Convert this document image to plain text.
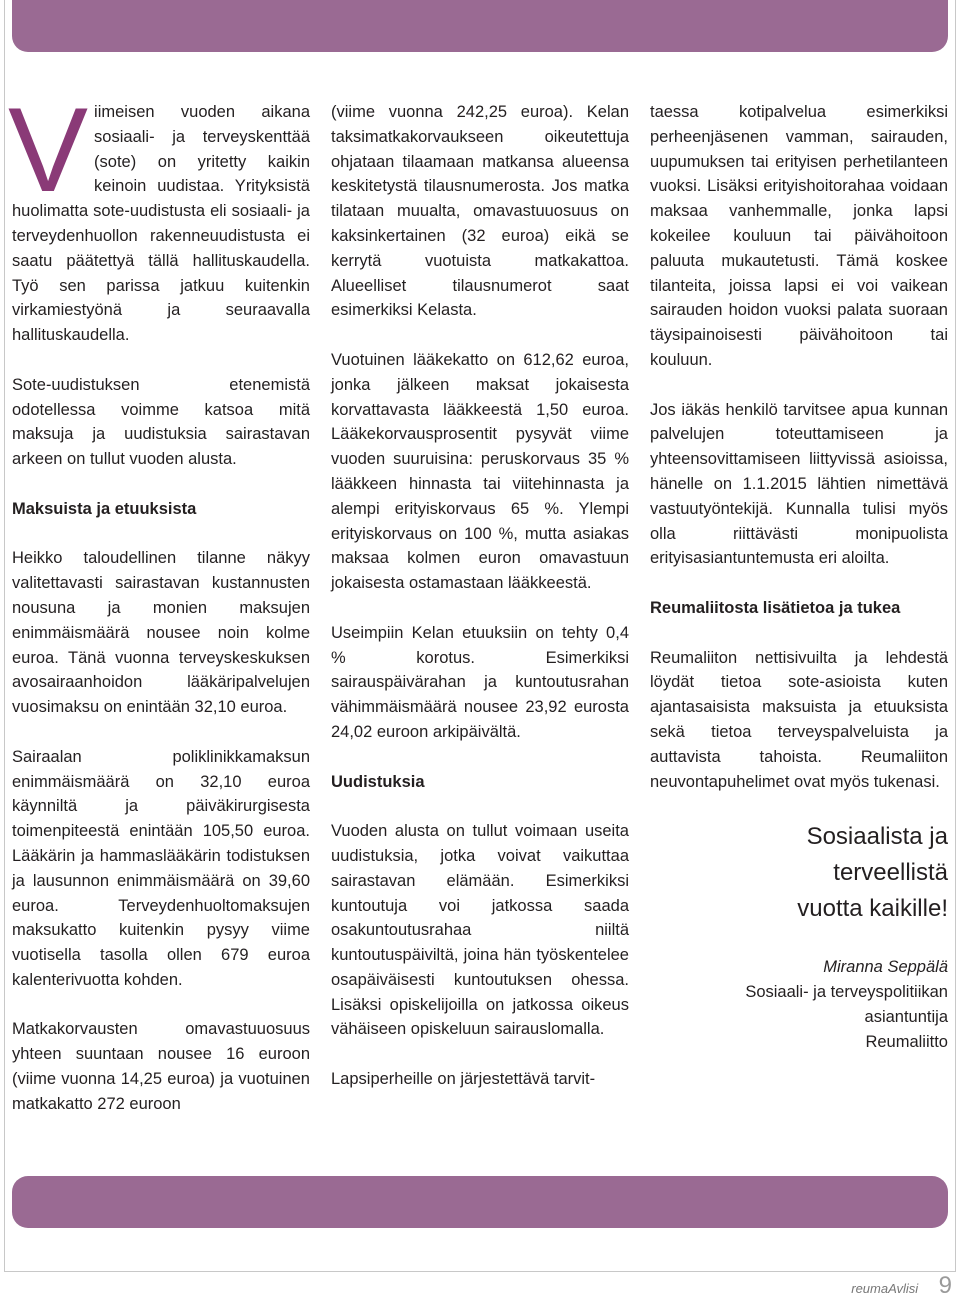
Viimeisen vuoden aikana sosiaali- ja terveyskenttää (sote) on yritetty kaikin keinoin uudistaa. Yrityksistä huolimatta sote-uudistusta eli sosiaali- ja terveydenhuollon rakenneuudistusta ei saatu päätettyä tällä hallituskaudella. Työ sen parissa jatkuu kuitenkin virkamiestyönä ja seuraavalla hallituskaudella.

Sote-uudistuksen etenemistä odotellessa voimme katsoa mitä maksuja ja uudistuksia sairastavan arkeen on tullut vuoden alusta.

Maksuista ja etuuksista

Heikko taloudellinen tilanne näkyy valitettavasti sairastavan kustannusten nousuna ja monien maksujen enimmäismäärä nousee noin kolme euroa. Tänä vuonna terveyskeskuksen avosairaanhoidon lääkäripalvelujen vuosimaksu on enintään 32,10 euroa.

Sairaalan poliklinikkamaksun enimmäismäärä on 32,10 euroa käynniltä ja päiväkirurgisesta toimenpiteestä enintään 105,50 euroa. Lääkärin ja hammaslääkärin todistuksen ja lausunnon enimmäismäärä on 39,60 euroa. Terveydenhuoltomaksujen maksukatto kuitenkin pysyy viime vuotisella tasolla ollen 679 euroa kalenterivuotta kohden.

Matkakorvausten omavastuuosuus yhteen suuntaan nousee 16 euroon (viime vuonna 14,25 euroa) ja vuotuinen matkakatto 272 euroon

(viime vuonna 242,25 euroa). Kelan taksimatkakorvaukseen oikeutettuja ohjataan tilaamaan matkansa alueensa keskitetystä tilausnumerosta. Jos matka tilataan muualta, omavastuuosuus on kaksinkertainen (32 euroa) eikä se kerrytä vuotuista matkakattoa. Alueelliset tilausnumerot saat esimerkiksi Kelasta.

Vuotuinen lääkekatto on 612,62 euroa, jonka jälkeen maksat jokaisesta korvattavasta lääkkeestä 1,50 euroa. Lääkekorvausprosentit pysyvät viime vuoden suuruisina: peruskorvaus 35 % lääkkeen hinnasta tai viitehinnasta ja alempi erityiskorvaus 65 %. Ylempi erityiskorvaus on 100 %, mutta asiakas maksaa kolmen euron omavastuun jokaisesta ostamastaan lääkkeestä.

Useimpiin Kelan etuuksiin on tehty 0,4 % korotus. Esimerkiksi sairauspäivärahan ja kuntoutusrahan vähimmäismäärä nousee 23,92 eurosta 24,02 euroon arkipäivältä.

Uudistuksia

Vuoden alusta on tullut voimaan useita uudistuksia, jotka voivat vaikuttaa sairastavan elämään. Esimerkiksi kuntoutuja voi jatkossa saada osakuntoutusrahaa niiltä kuntoutuspäiviltä, joina hän työskentelee osapäiväisesti kuntoutuksen ohessa. Lisäksi opiskelijoilla on jatkossa oikeus vähäiseen opiskeluun sairauslomalla.

Lapsiperheille on järjestettävä tarvit-

taessa kotipalvelua esimerkiksi perheenjäsenen vamman, sairauden, uupumuksen tai erityisen perhetilanteen vuoksi. Lisäksi erityishoitorahaa voidaan maksaa vanhemmalle, jonka lapsi kokeilee kouluun tai päivähoitoon paluuta mukautetusti. Tämä koskee tilanteita, joissa lapsi ei voi vaikean sairauden hoidon vuoksi palata suoraan täysipainoisesti päivähoitoon tai kouluun.

Jos iäkäs henkilö tarvitsee apua kunnan palvelujen toteuttamiseen ja yhteensovittamiseen liittyvissä asioissa, hänelle on 1.1.2015 lähtien nimettävä vastuutyöntekijä. Kunnalla tulisi myös olla riittävästi monipuolista erityisasiantuntemusta eri aloilta.

Reumaliitosta lisätietoa ja tukea

Reumaliiton nettisivuilta ja lehdestä löydät tietoa sote-asioista kuten ajantasaisista maksuista ja etuuksista sekä tietoa terveyspalveluista ja auttavista tahoista. Reumaliiton neuvontapuhelimet ovat myös tukenasi.

Sosiaalista ja
terveellistä
vuotta kaikille!
Miranna Seppälä
Sosiaali- ja terveyspolitiikan
asiantuntija
Reumaliitto
reumaAvlisi 9
